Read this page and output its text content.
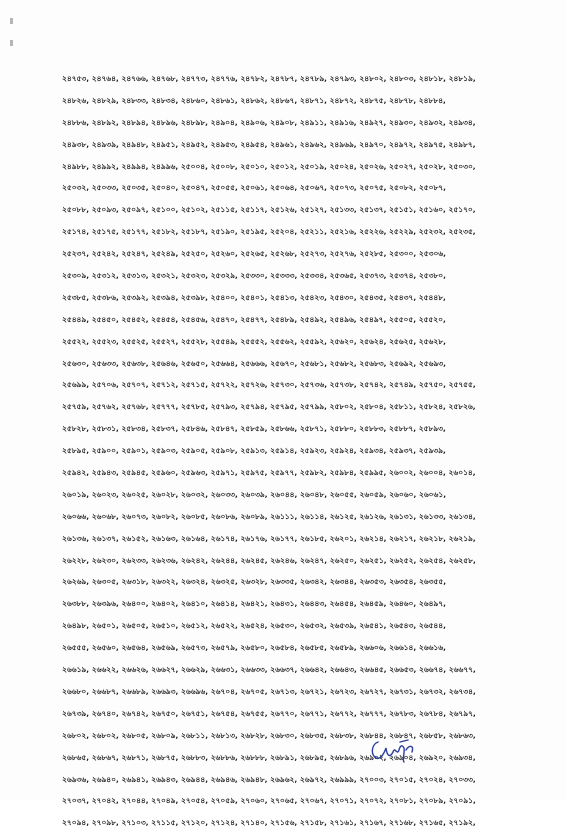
২৪৭৫৩, ২৪৭৬৪, ২৪৭৬৬, ২৪৭৬৮, ২৪৭৭৩, ২৪৭৭৬, ২৪৭৮২, ২৪৭৮৭, ২৪৭৮৯, ২৪৭৯৩, ২৪৮০২, ২৪৮০৩, ২৪৮১৮, ২৪৮১৯,
২৪৮২৬, ২৪৮২৯, ২৪৮৩৩, ২৪৮৩৪, ২৪৮৬০, ২৪৮৬১, ২৪৮৬২, ২৪৮৬৭, ২৪৮৭১, ২৪৮৭২, ২৪৮৭৫, ২৪৮৭৮, ২৪৮৮৪,
২৪৮৮৬, ২৪৮৯২, ২৪৮৯৪, ২৪৮৯৬, ২৪৮৯৮, ২৪৯০৪, ২৪৯০৬, ২৪৯০৮, ২৪৯১১, ২৪৯১৬, ২৪৯২৭, ২৪৯৩০, ২৪৯৩২, ২৪৯৩৪,
২৪৯৩৮, ২৪৯৩৯, ২৪৯৪৮, ২৪৯৫১, ২৪৯৫২, ২৪৯৫৩, ২৪৯৫৪, ২৪৯৬১, ২৪৯৬২, ২৪৯৬৯, ২৪৯৭০, ২৪৯৭২, ২৪৯৭৫, ২৪৯৮৭,
২৪৯৮৮, ২৪৯৯২, ২৪৯৯৪, ২৪৯৯৬, ২৫০০৪, ২৫০০৮, ২৫০১০, ২৫০১২, ২৫০১৯, ২৫০২৪, ২৫০২৬, ২৫০২৭, ২৫০২৮, ২৫০৩০,
২৫০৩২, ২৫০৩৩, ২৫০৩৫, ২৫০৪০, ২৫০৪৭, ২৫০৫৫, ২৫০৬১, ২৫০৬৪, ২৫০৬৭, ২৫০৭৩, ২৫০৭৫, ২৫০৮২, ২৫০৮৭,
২৫০৮৮, ২৫০৯৩, ২৫০৯৭, ২৫১০০, ২৫১০২, ২৫১১৫, ২৫১১৭, ২৫১২৬, ২৫১২৭, ২৫১৩৩, ২৫১৩৭, ২৫১৫১, ২৫১৬০, ২৫১৭০,
২৫১৭৪, ২৫১৭৫, ২৫১৭৭, ২৫১৮২, ২৫১৮৭, ২৫১৯০, ২৫১৯৫, ২৫২০৪, ২৫২১১, ২৫২১৬, ২৫২২৬, ২৫২২৯, ২৫২৩২, ২৫২৩৫,
২৫২৩৭, ২৫২৪২, ২৫২৪৭, ২৫২৪৯, ২৫২৫০, ২৫২৬০, ২৫২৬৫, ২৫২৬৮, ২৫২৭৩, ২৫২৭৬, ২৫২৮৫, ২৫৩০০, ২৫৩০৬,
২৫৩০৯, ২৫৩১২, ২৫৩১৩, ২৫৩২১, ২৫৩২৩, ২৫৩২৯, ২৫৩৩০, ২৫৩৩৩, ২৫৩৩৪, ২৫৩৬৫, ২৫৩৭৩, ২৫৩৭৪, ২৫৩৮০,
২৫৩৮৫, ২৫৩৮৬, ২৫৩৯২, ২৫৩৯৪, ২৫৩৯৮, ২৫৪০০, ২৫৪০১, ২৫৪১৩, ২৫৪২৩, ২৫৪৩০, ২৫৪৩৫, ২৫৪৩৭, ২৫৪৪৮,
২৫৪৪৯, ২৫৪৫০, ২৫৪৫২, ২৫৪৫৪, ২৫৪৫৬, ২৫৪৭০, ২৫৪৭৭, ২৫৪৮৯, ২৫৪৯২, ২৫৪৯৬, ২৫৪৯৭, ২৫৫০৫, ২৫৫২০,
২৫৫২২, ২৫৫২৩, ২৫৫২৫, ২৫৫২৭, ২৫৫২৮, ২৫৫৪৯, ২৫৫৫২, ২৫৫৬২, ২৫৫৯২, ২৫৬২০, ২৫৬২৪, ২৫৬২৫, ২৫৬২৮,
২৫৬৩০, ২৫৬৩৩, ২৫৬৩৮, ২৫৬৪৬, ২৫৬৫০, ২৫৬৬৪, ২৫৬৬৬, ২৫৬৭০, ২৫৬৮১, ২৫৬৮২, ২৫৬৮৩, ২৫৬৯২, ২৫৬৯৩,
২৫৬৯৯, ২৫৭০৬, ২৫৭০৭, ২৫৭১২, ২৫৭১৫, ২৫৭২২, ২৫৭২৬, ২৫৭৩০, ২৫৭৩৬, ২৫৭৩৮, ২৫৭৪২, ২৫৭৪৯, ২৫৭৫০, ২৫৭৫৫,
২৫৭৫৯, ২৫৭৬২, ২৫৭৬৮, ২৫৭৭৭, ২৫৭৮৫, ২৫৭৯৩, ২৫৭৯৪, ২৫৭৯৫, ২৫৭৯৯, ২৫৮০২, ২৫৮০৪, ২৫৮১১, ২৫৮২৪, ২৫৮২৬,
২৫৮২৮, ২৫৮৩১, ২৫৮৩৪, ২৫৮৩৭, ২৫৮৪৬, ২৫৮৪৭, ২৫৮৫৯, ২৫৮৬৬, ২৫৮৭১, ২৫৮৮০, ২৫৮৮৩, ২৫৮৮৭, ২৫৮৯৩,
২৫৮৯৫, ২৫৯০০, ২৫৯০১, ২৫৯০৩, ২৫৯০৫, ২৫৯০৮, ২৫৯১৩, ২৫৯১৪, ২৫৯২৩, ২৫৯২৪, ২৫৯৩৪, ২৫৯৩৭, ২৫৯৩৯,
২৫৯৪২, ২৫৯৪৩, ২৫৯৪৫, ২৫৯৬০, ২৫৯৬৩, ২৫৯৭১, ২৫৯৭৫, ২৫৯৭৭, ২৫৯৮২, ২৫৯৮৪, ২৫৯৯৫, ২৬০০২, ২৬০০৪, ২৬০১৪,
২৬০১৯, ২৬০২৩, ২৬০২৫, ২৬০২৮, ২৬০৩২, ২৬০৩৩, ২৬০৩৯, ২৬০৪৪, ২৬০৪৮, ২৬০৫৫, ২৬০৫৯, ২৬০৬০, ২৬০৬১,
২৬০৬৬, ২৬০৬৮, ২৬০৭৩, ২৬০৮২, ২৬০৮৫, ২৬০৮৬, ২৬০৮৯, ২৬১১১, ২৬১১৪, ২৬১২৫, ২৬১২৬, ২৬১৩১, ২৬১৩৩, ২৬১৩৪,
২৬১৩৬, ২৬১৩৭, ২৬১৫২, ২৬১৬৩, ২৬১৬৪, ২৬১৭৪, ২৬১৭৬, ২৬১৭৭, ২৬১৮৫, ২৬২০১, ২৬২১৪, ২৬২১৭, ২৬২১৮, ২৬২১৯,
২৬২২৮, ২৬২৩০, ২৬২৩৩, ২৬২৩৬, ২৬২৪২, ২৬২৪৪, ২৬২৪৫, ২৬২৪৬, ২৬২৪৭, ২৬২৫০, ২৬২৫১, ২৬২৫২, ২৬২৫৪, ২৬২৫৮,
২৬২৬৯, ২৬৩০৫, ২৬৩১৮, ২৬৩২২, ২৬৩২৪, ২৬৩২৫, ২৬৩২৮, ২৬৩৩৫, ২৬৩৪২, ২৬৩৪৪, ২৬৩৫৩, ২৬৩৫৪, ২৬৩৫৫,
২৬৩৮৮, ২৬৩৯৬, ২৬৪০০, ২৬৪০২, ২৬৪১০, ২৬৪১৪, ২৬৪২১, ২৬৪৩১, ২৬৪৪৩, ২৬৪৫৪, ২৬৪৫৯, ২৬৪৬০, ২৬৪৯৭,
২৬৪৯৮, ২৬৫০১, ২৬৫০৫, ২৬৫১০, ২৬৫১২, ২৬৫২২, ২৬৫২৪, ২৬৫৩০, ২৬৫৩২, ২৬৫৩৯, ২৬৫৪১, ২৬৫৪৩, ২৬৫৪৪,
২৬৫৫৫, ২৬৫৬০, ২৬৫৬৪, ২৬৫৬৯, ২৬৫৭৩, ২৬৫৭৯, ২৬৫৮০, ২৬৫৮৪, ২৬৫৮৫, ২৬৫৮৯, ২৬৬০৬, ২৬৬১৪, ২৬৬১৬,
২৬৬১৯, ২৬৬২২, ২৬৬২৬, ২৬৬২৭, ২৬৬২৯, ২৬৬৩১, ২৬৬৩৩, ২৬৬৩৭, ২৬৬৪২, ২৬৬৪৩, ২৬৬৪৫, ২৬৬৫৩, ২৬৬৭৪, ২৬৬৭৭,
২৬৬৮০, ২৬৬৮৭, ২৬৬৮৯, ২৬৬৯৩, ২৬৬৯৬, ২৬৭০৪, ২৬৭০৫, ২৬৭১৩, ২৬৭২১, ২৬৭২৩, ২৬৭২৭, ২৬৭৩১, ২৬৭৩২, ২৬৭৩৪,
২৬৭৩৯, ২৬৭৪০, ২৬৭৪২, ২৬৭৫০, ২৬৭৫১, ২৬৭৫৪, ২৬৭৫৫, ২৬৭৭০, ২৬৭৭১, ২৬৭৭২, ২৬৭৭৭, ২৬৭৮৩, ২৬৭৮৪, ২৬৭৯৭,
২৬৮০২, ২৬৮০২, ২৬৮০৫, ২৬৮০৯, ২৬৮১১, ২৬৮১৩, ২৬৮২৮, ২৬৮৩০, ২৬৮৩৫, ২৬৮৩৮, ২৬৮৪৪, ২৬৮৪৭, ২৬৮৫৮, ২৬৮৬৩,
২৬৮৬৫, ২৬৮৬৭, ২৬৮৭১, ২৬৮৭৫, ২৬৮৮৩, ২৬৮৮৬, ২৬৮৮৮, ২৬৮৯১, ২৬৮৯৫, ২৬৮৯৬, ২৬৯০২, ২৬৯০৪, ২৬৯২০, ২৬৯৩৪,
২৬৯৩৬, ২৬৯৪০, ২৬৯৪১, ২৬৯৪৩, ২৬৯৪৪, ২৬৯৪৬, ২৬৯৪৮, ২৬৯৬২, ২৬৯৭২, ২৬৯৯৯, ২৭০০৩, ২৭০১৫, ২৭০২৪, ২৭০৩৩,
২৭০৩৭, ২৭০৪২, ২৭০৪৪, ২৭০৪৯, ২৭০৫৪, ২৭০৫৯, ২৭০৬০, ২৭০৬৫, ২৭০৬৭, ২৭০৭১, ২৭০৭২, ২৭০৮১, ২৭০৮৯, ২৭০৯১,
২৭০৯৪, ২৭০৯৮, ২৭১০৩, ২৭১১৫, ২৭১২০, ২৭১২৪, ২৭১৪০, ২৭১৫৬, ২৭১৫৮, ২৭১৬১, ২৭১৬৭, ২৭১৬৮, ২৭১৬৫, ২৭১৯২,
